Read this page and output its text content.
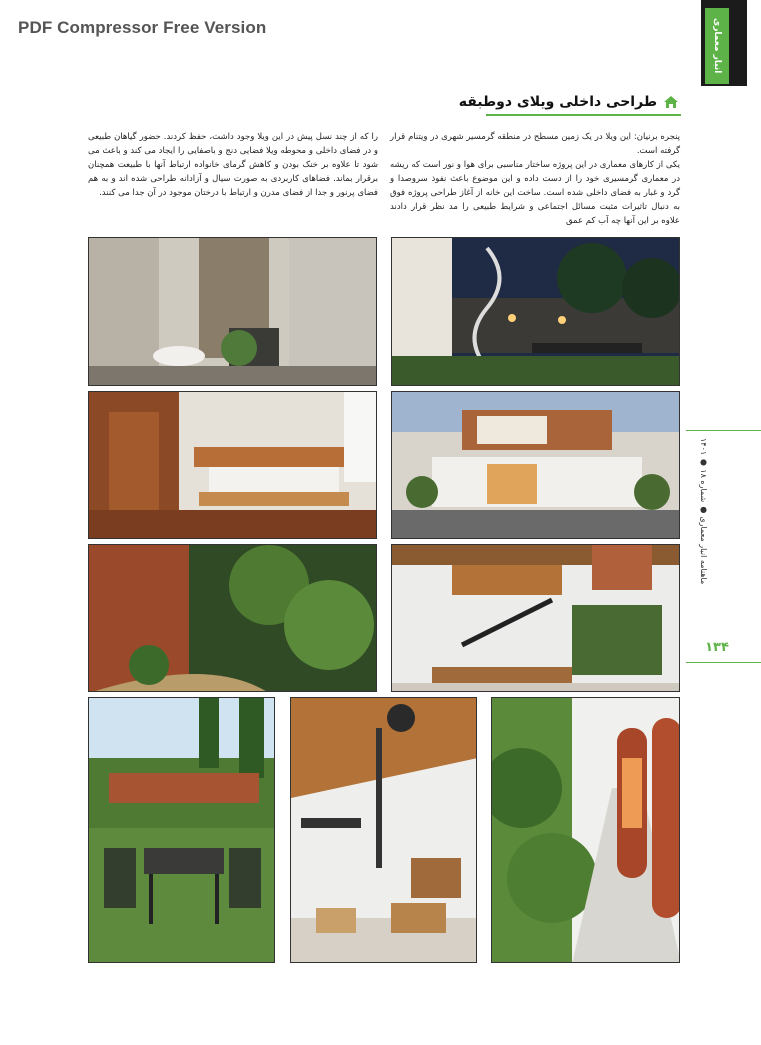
PDF Compressor Free Version	انبار معماری
طراحی داخلی ویلای دوطبقه

پنجره برنیان: این ویلا در یک زمین مسطح در منطقه گرمسیر شهری در ویتنام قرار گرفته است.

یکی از کارهای معماری در این پروژه ساختار مناسبی برای هوا و نور است که ریشه در معماری گرمسیری خود را از دست داده و این موضوع باعث نفوذ سروصدا و گرد و غبار به فضای داخلی شده است. ساخت این خانه از آغاز طراحی پروژه فوق به دنبال تاثیرات مثبت مسائل اجتماعی و شرایط طبیعی را مد نظر قرار دادند علاوه بر این آنها چه آب کم عمق

را که از چند نسل پیش در این ویلا وجود داشت، حفظ کردند. حضور گیاهان طبیعی و در فضای داخلی و محوطه ویلا فضایی دنج و باصفایی را ایجاد می کند و باعث می شود تا علاوه بر خنک بودن و کاهش گرمای خانواده ارتباط آنها با طبیعت همچنان برقرار بماند. فضاهای کاربردی به صورت سیال و آزادانه طراحی شده اند و به هم فضای پرنور و جدا از فضای مدرن و ارتباط با درختان موجود در آن جدا می کنند.

ماهنامه انبار معماری ● شماره ۱۸ ● ۱۴۰۱
۱۳۴
